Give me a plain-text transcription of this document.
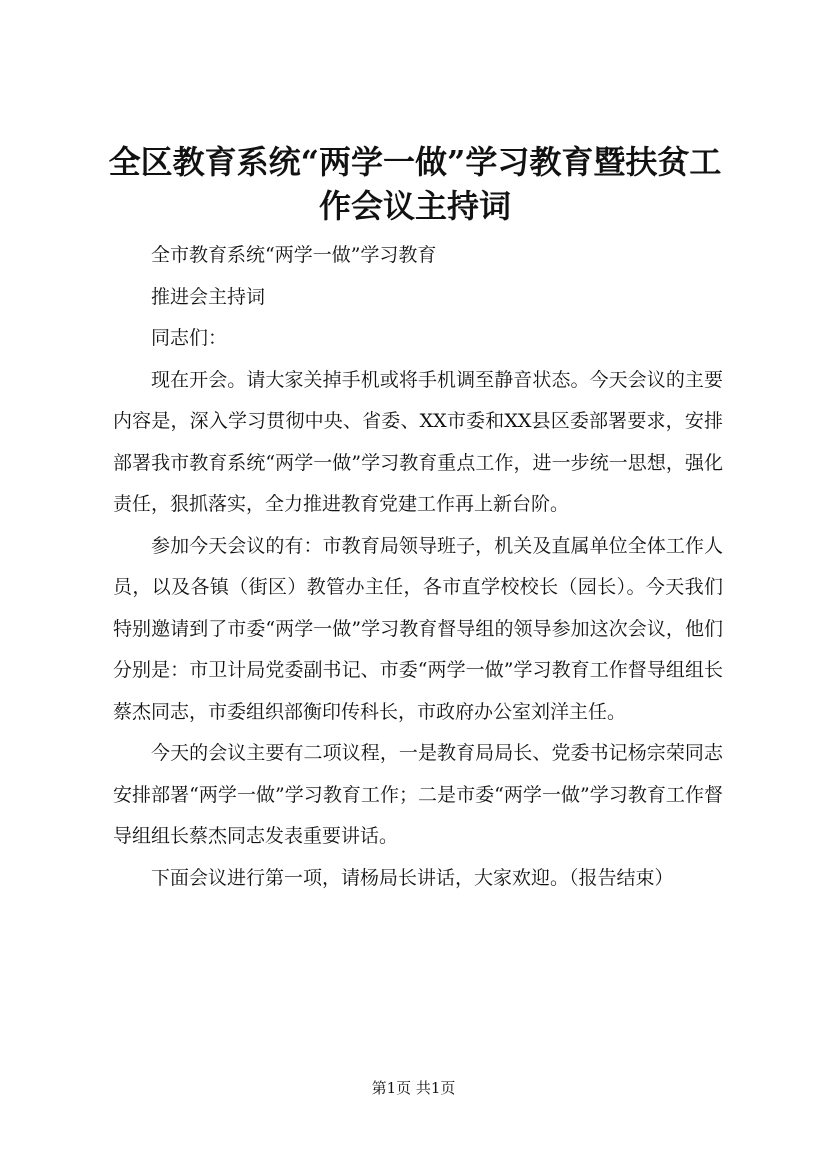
全区教育系统“两学一做”学习教育暨扶贫工作会议主持词

全市教育系统“两学一做”学习教育

推进会主持词

同志们：

现在开会。请大家关掉手机或将手机调至静音状态。今天会议的主要内容是，深入学习贯彻中央、省委、XX市委和XX县区委部署要求，安排部署我市教育系统“两学一做”学习教育重点工作，进一步统一思想，强化责任，狠抓落实，全力推进教育党建工作再上新台阶。

参加今天会议的有：市教育局领导班子，机关及直属单位全体工作人员，以及各镇（街区）教管办主任，各市直学校校长（园长）。今天我们特别邀请到了市委“两学一做”学习教育督导组的领导参加这次会议，他们分别是：市卫计局党委副书记、市委“两学一做”学习教育工作督导组组长蔡杰同志，市委组织部衡印传科长，市政府办公室刘洋主任。

今天的会议主要有二项议程，一是教育局局长、党委书记杨宗荣同志安排部署“两学一做”学习教育工作；二是市委“两学一做”学习教育工作督导组组长蔡杰同志发表重要讲话。

下面会议进行第一项，请杨局长讲话，大家欢迎。（报告结束）

第1页 共1页
